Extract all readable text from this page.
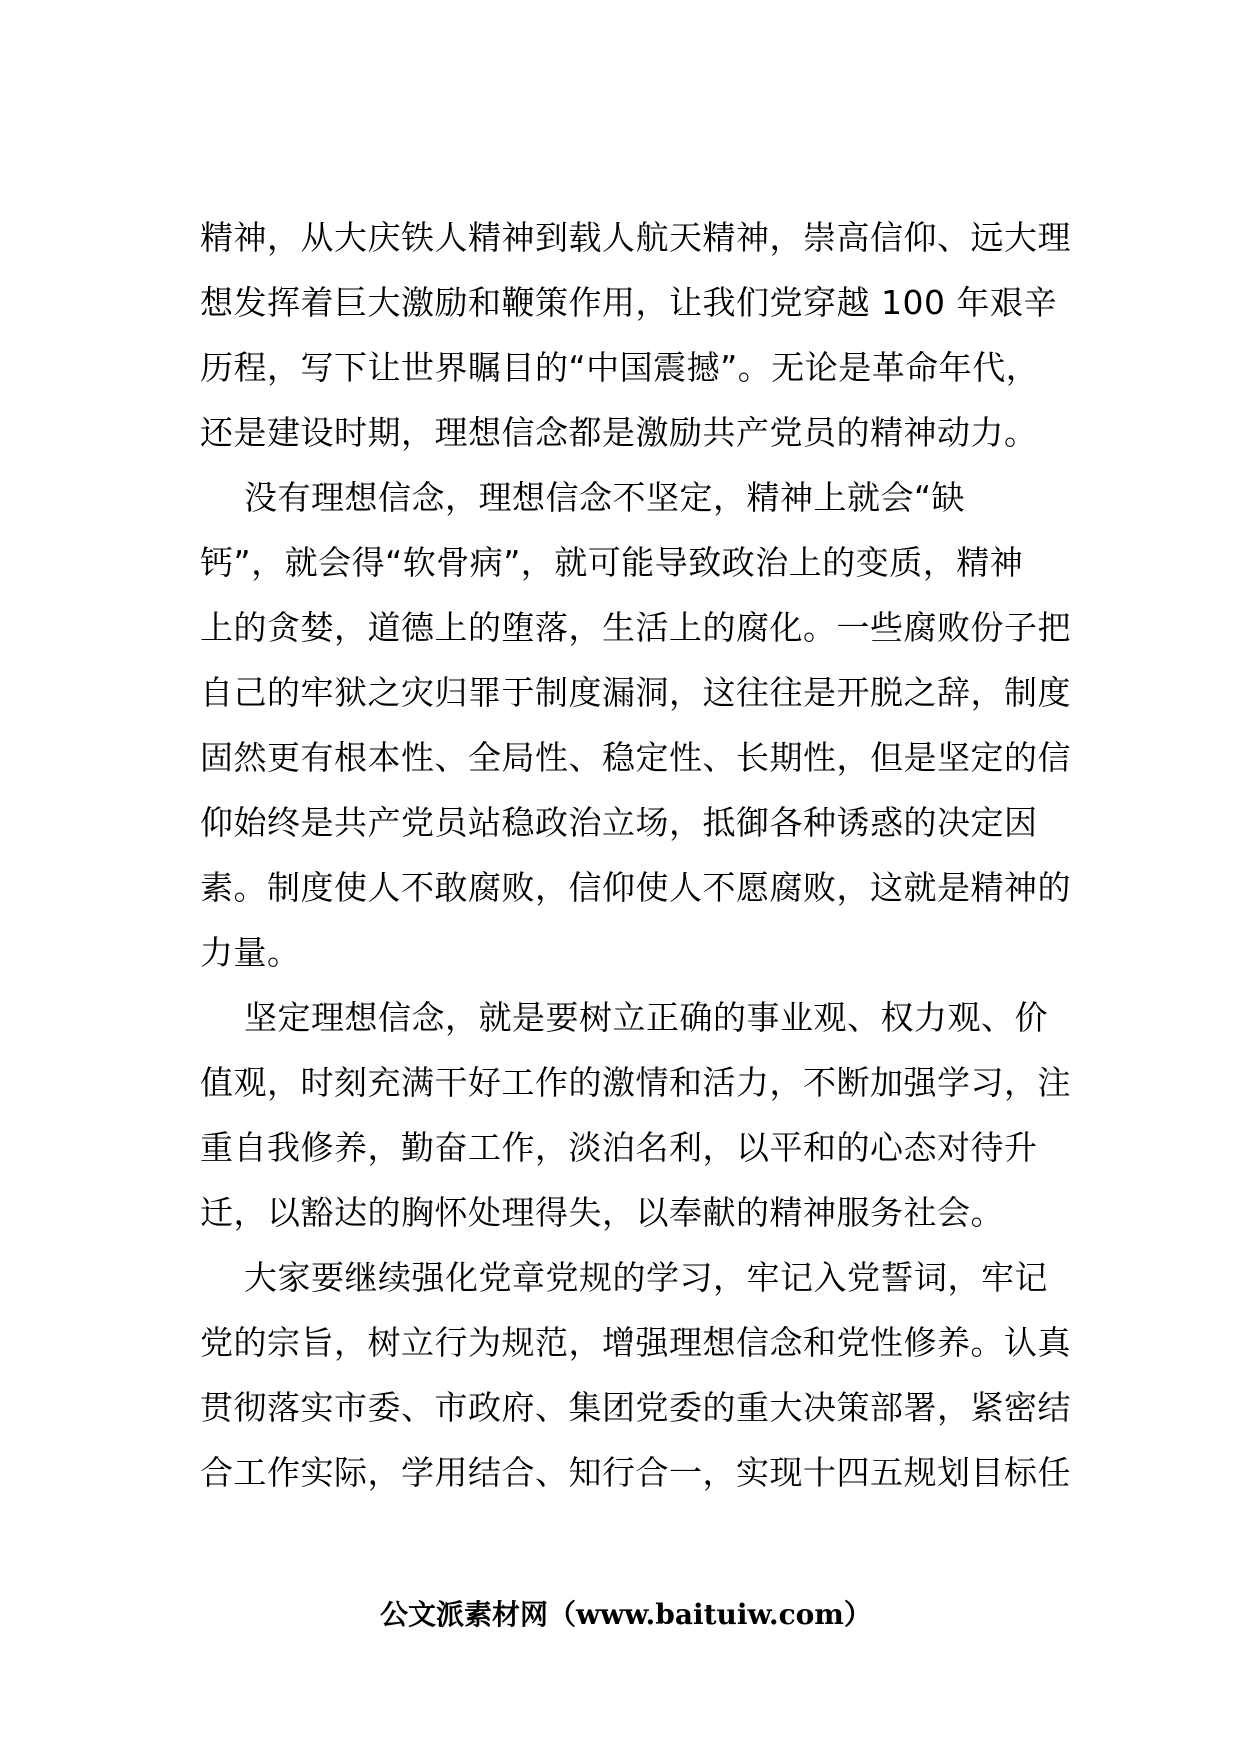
精神，从大庆铁人精神到载人航天精神，崇高信仰、远大理
想发挥着巨大激励和鞭策作用，让我们党穿越 100 年艰辛
历程，写下让世界瞩目的“中国震撼”。无论是革命年代，
还是建设时期，理想信念都是激励共产党员的精神动力。
没有理想信念，理想信念不坚定，精神上就会“缺
钙”，就会得“软骨病”，就可能导致政治上的变质，精神
上的贪婪，道德上的堕落，生活上的腐化。一些腐败份子把
自己的牢狱之灾归罪于制度漏洞，这往往是开脱之辞，制度
固然更有根本性、全局性、稳定性、长期性，但是坚定的信
仰始终是共产党员站稳政治立场，抵御各种诱惑的决定因
素。制度使人不敢腐败，信仰使人不愿腐败，这就是精神的
力量。
坚定理想信念，就是要树立正确的事业观、权力观、价
值观，时刻充满干好工作的激情和活力，不断加强学习，注
重自我修养，勤奋工作，淡泊名利，以平和的心态对待升
迁，以豁达的胸怀处理得失，以奉献的精神服务社会。
大家要继续强化党章党规的学习，牢记入党誓词，牢记
党的宗旨，树立行为规范，增强理想信念和党性修养。认真
贯彻落实市委、市政府、集团党委的重大决策部署，紧密结
合工作实际，学用结合、知行合一，实现十四五规划目标任
公文派素材网（www.baituiw.com）
